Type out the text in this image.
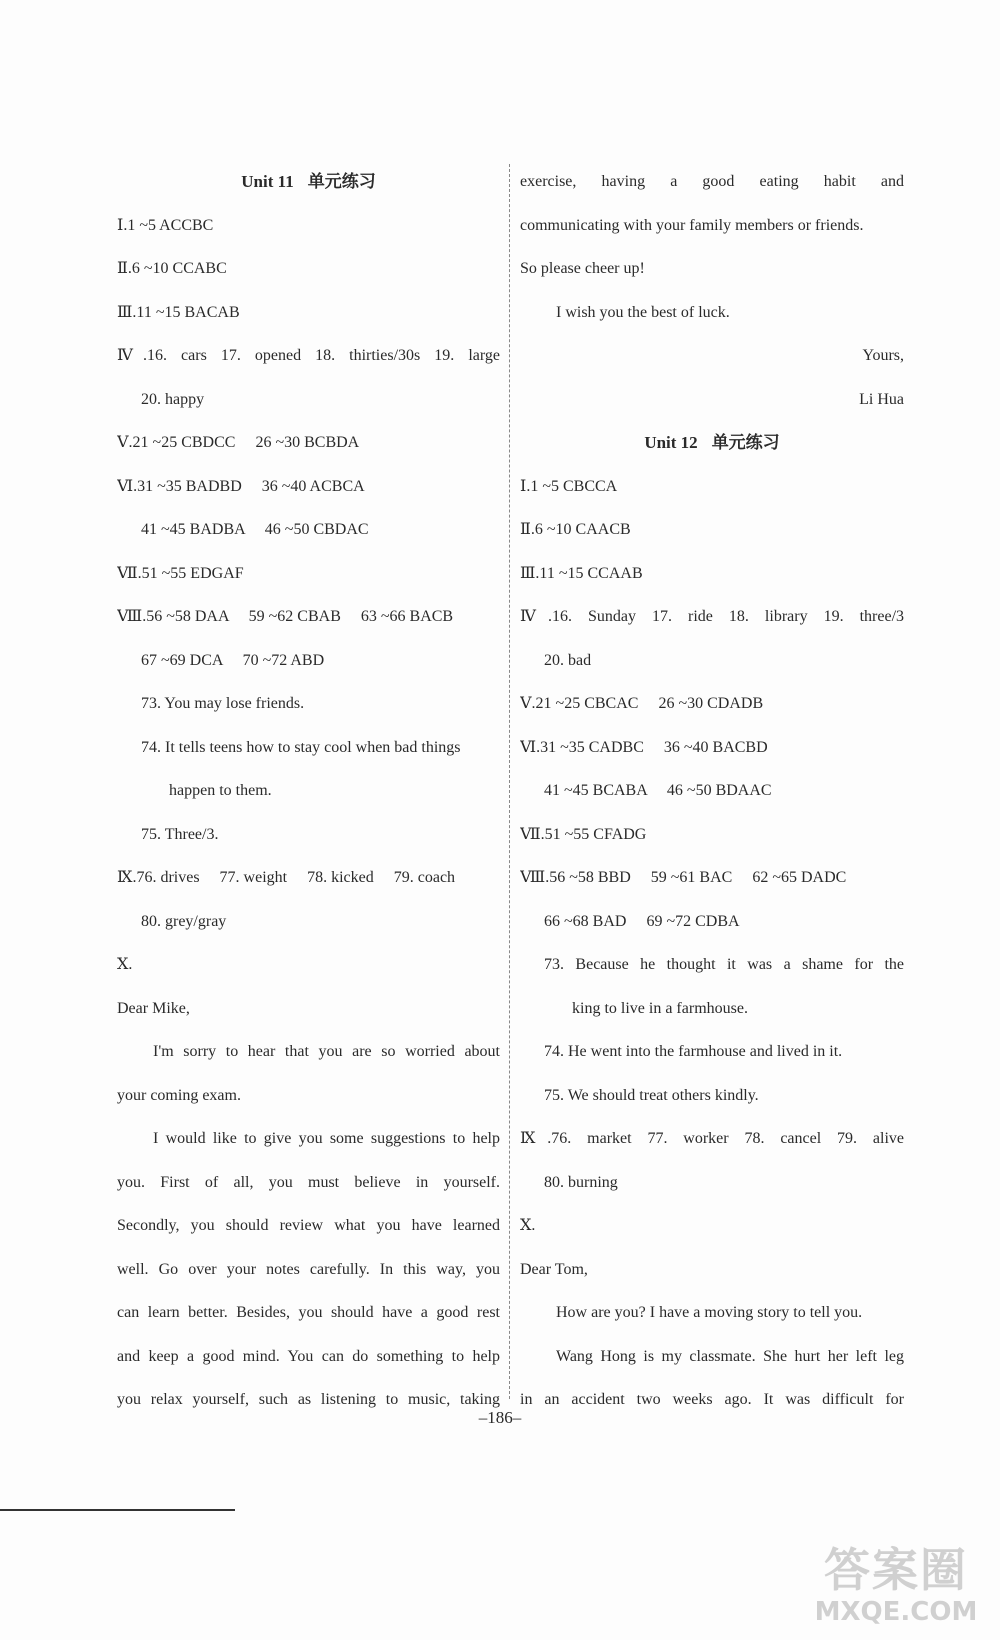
Unit 11 单元练习
Ⅰ.1 ~5 ACCBC
Ⅱ.6 ~10 CCABC
Ⅲ.11 ~15 BACAB
Ⅳ.16. cars 17. opened 18. thirties/30s 19. large
20. happy
Ⅴ.21 ~25 CBDCC 26 ~30 BCBDA
Ⅵ.31 ~35 BADBD 36 ~40 ACBCA
41 ~45 BADBA 46 ~50 CBDAC
Ⅶ.51 ~55 EDGAF
Ⅷ.56 ~58 DAA 59 ~62 CBAB 63 ~66 BACB
67 ~69 DCA 70 ~72 ABD
73. You may lose friends.
74. It tells teens how to stay cool when bad things
happen to them.
75. Three/3.
Ⅸ.76. drives 77. weight 78. kicked 79. coach
80. grey/gray
Ⅹ.
Dear Mike,
I'm sorry to hear that you are so worried about
your coming exam.
I would like to give you some suggestions to help
you. First of all, you must believe in yourself.
Secondly, you should review what you have learned
well. Go over your notes carefully. In this way, you
can learn better. Besides, you should have a good rest
and keep a good mind. You can do something to help
you relax yourself, such as listening to music, taking
exercise, having a good eating habit and
communicating with your family members or friends.
So please cheer up!
I wish you the best of luck.
Yours,
Li Hua
Unit 12 单元练习
Ⅰ.1 ~5 CBCCA
Ⅱ.6 ~10 CAACB
Ⅲ.11 ~15 CCAAB
Ⅳ.16. Sunday 17. ride 18. library 19. three/3
20. bad
Ⅴ.21 ~25 CBCAC 26 ~30 CDADB
Ⅵ.31 ~35 CADBC 36 ~40 BACBD
41 ~45 BCABA 46 ~50 BDAAC
Ⅶ.51 ~55 CFADG
Ⅷ.56 ~58 BBD 59 ~61 BAC 62 ~65 DADC
66 ~68 BAD 69 ~72 CDBA
73. Because he thought it was a shame for the
king to live in a farmhouse.
74. He went into the farmhouse and lived in it.
75. We should treat others kindly.
Ⅸ.76. market 77. worker 78. cancel 79. alive
80. burning
Ⅹ.
Dear Tom,
How are you? I have a moving story to tell you.
Wang Hong is my classmate. She hurt her left leg
in an accident two weeks ago. It was difficult for
–186–
答案圈
MXQE.COM
